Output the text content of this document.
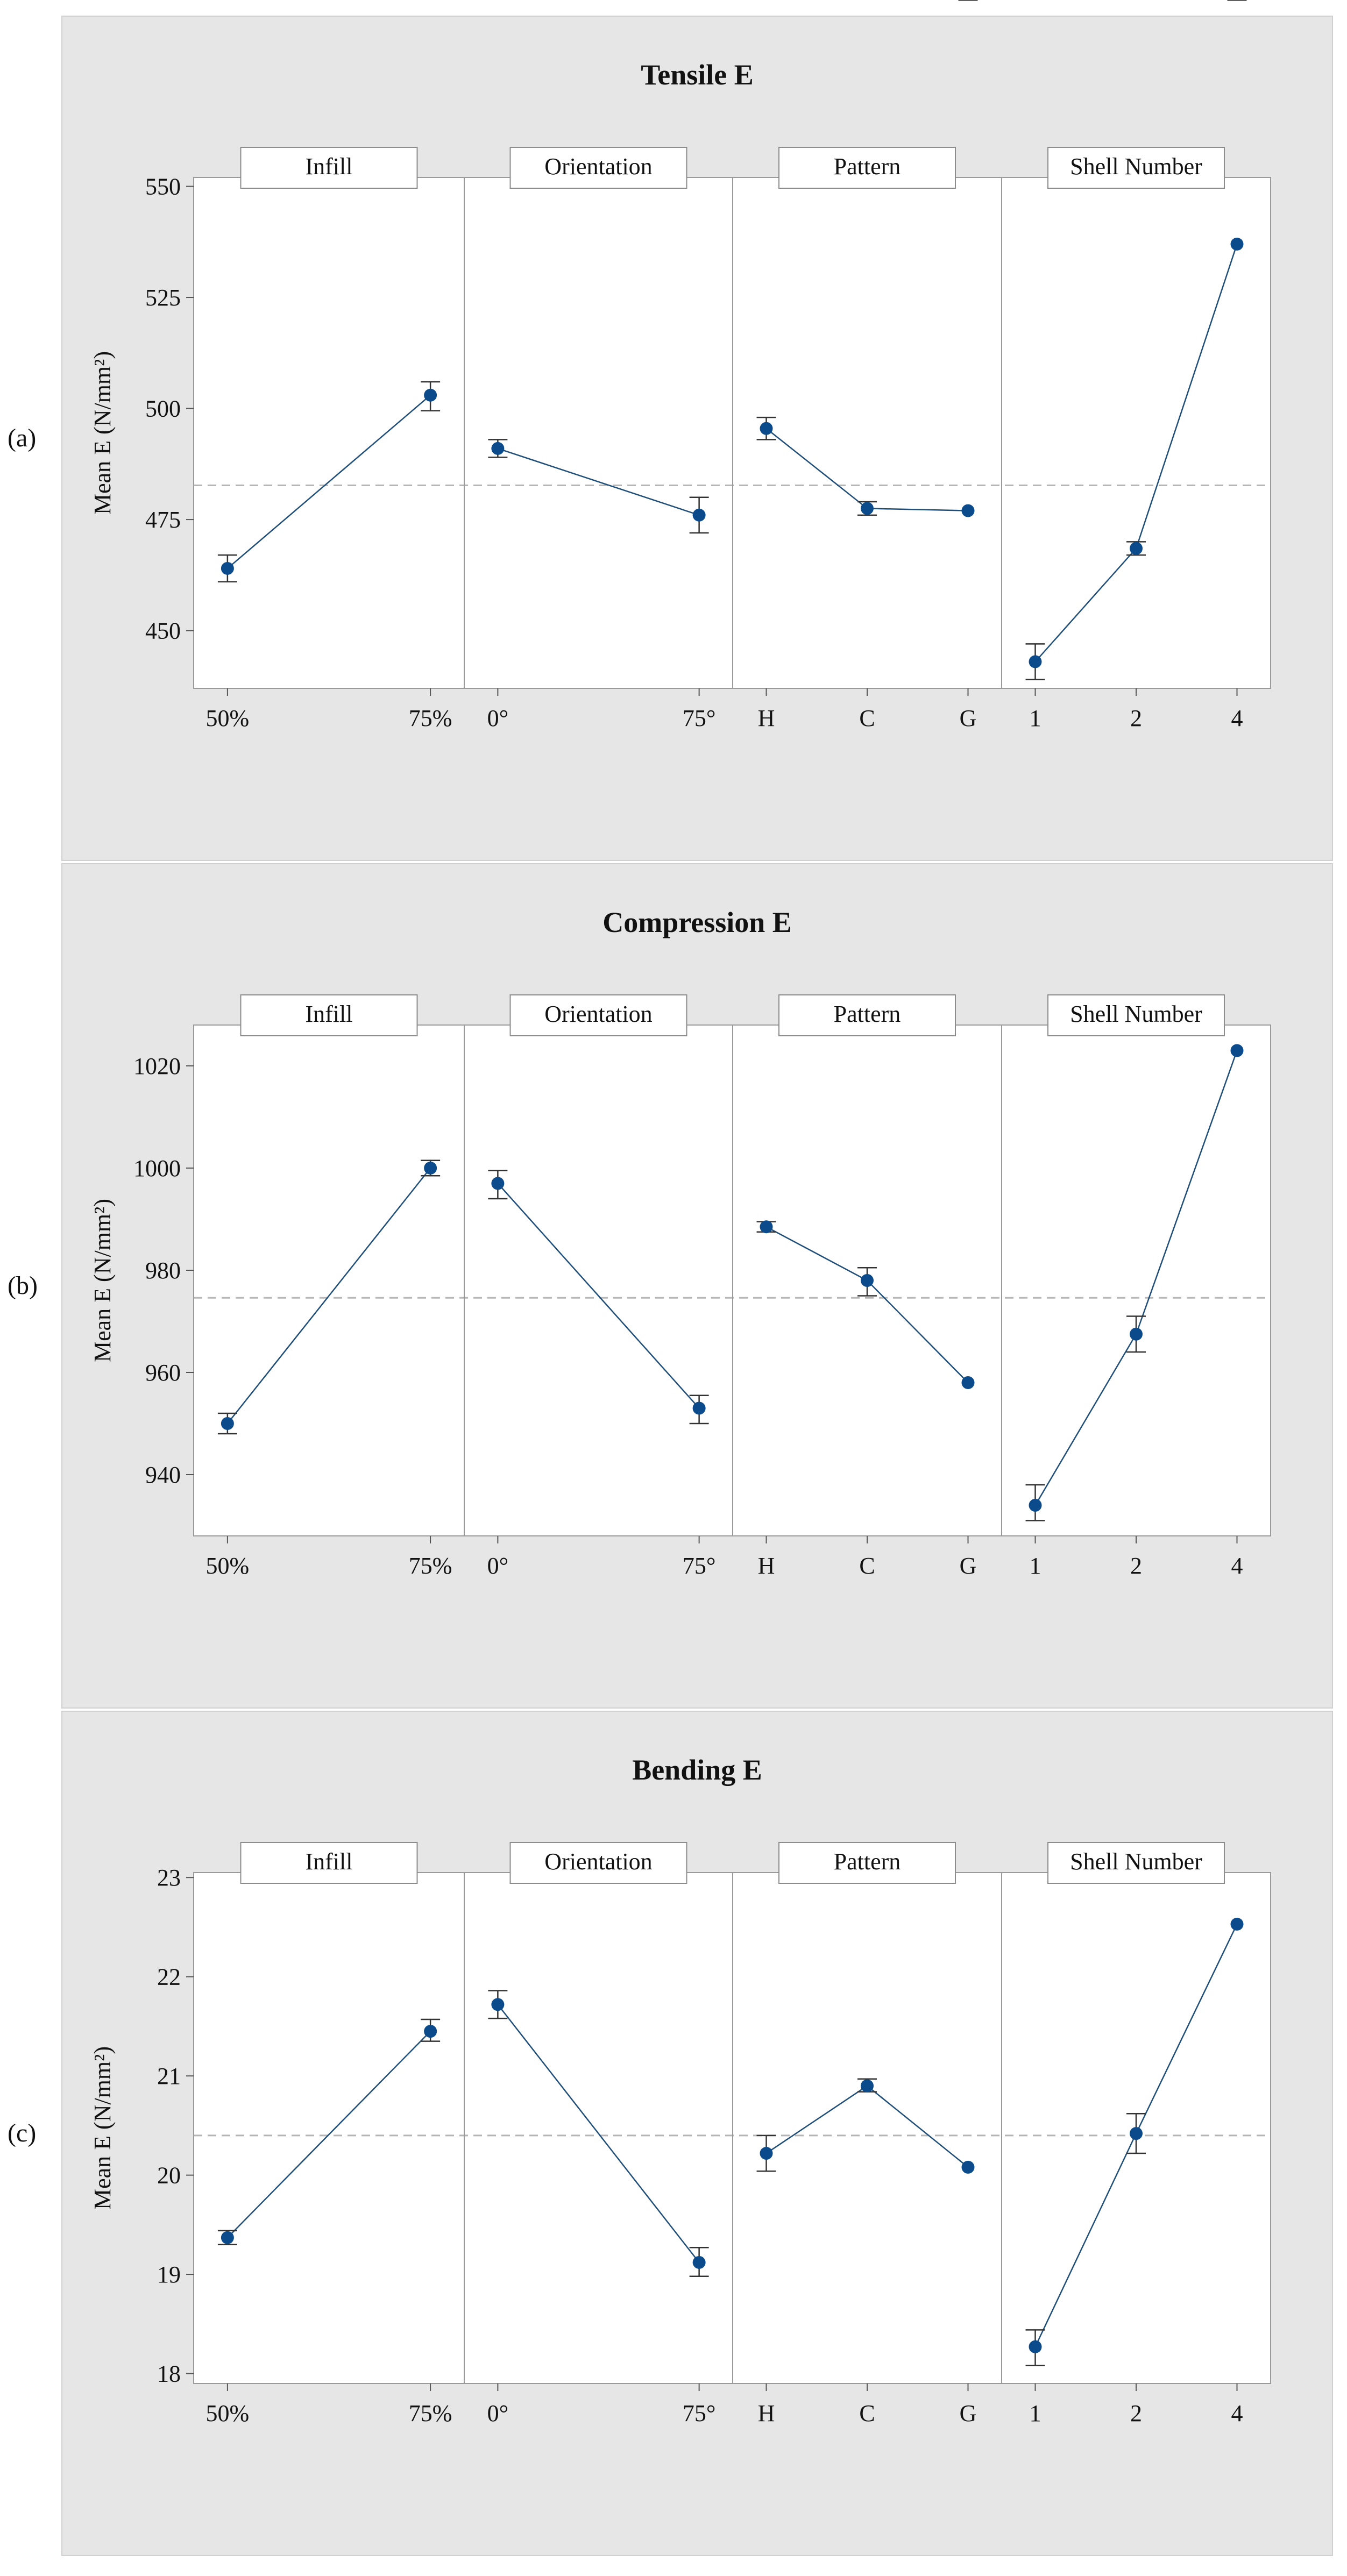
(a)
Tensile E
450
475
500
525
550
Mean E (N/mm²)
Infill
50%	75%
Orientation
0°	75°
Pattern
H	C	G
Shell Number
1	2	4
(b)
Compression E
940
960
980
1000
1020
Mean E (N/mm²)
Infill
50%	75%
Orientation
0°	75°
Pattern
H	C	G
Shell Number
1	2	4
(c)
Bending E
18
19
20
21
22
23
Mean E (N/mm²)
Infill
50%	75%
Orientation
0°	75°
Pattern
H	C	G
Shell Number
1	2	4
